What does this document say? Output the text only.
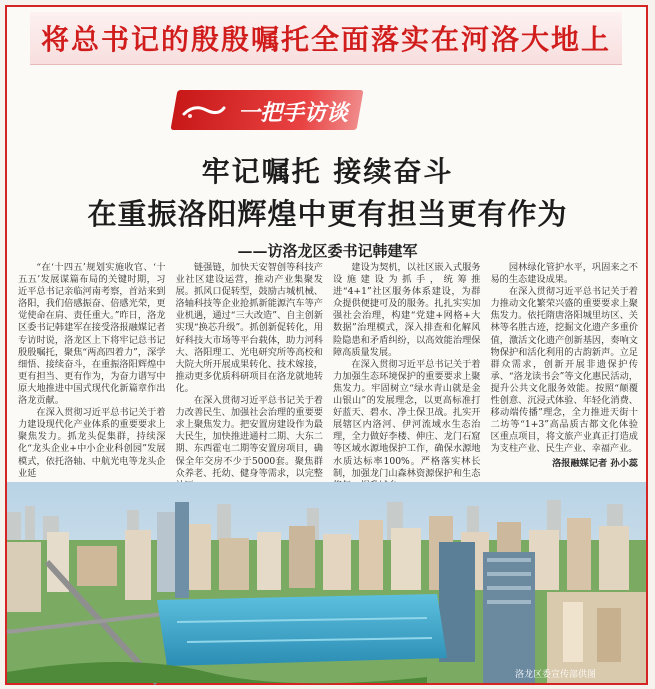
将总书记的殷殷嘱托全面落实在河洛大地上
一把手访谈
牢记嘱托 接续奋斗
在重振洛阳辉煌中更有担当更有作为
——访洛龙区委书记韩建军

“在‘十四五’规划实施收官、‘十五五’发展谋篇布局的关键时期，习近平总书记亲临河南考察，首站来到洛阳，我们倍感振奋、倍感光荣，更觉使命在肩、责任重大。”昨日，洛龙区委书记韩建军在接受洛报融媒记者专访时说，洛龙区上下将牢记总书记殷殷嘱托，聚焦“两高四着力”，深学细悟、接续奋斗，在重振洛阳辉煌中更有担当、更有作为，为奋力谱写中原大地推进中国式现代化新篇章作出洛龙贡献。

在深入贯彻习近平总书记关于着力建设现代化产业体系的重要要求上聚焦发力。抓龙头促集群，持续深化“龙头企业+中小企业科创园”发展模式，依托洛轴、中航光电等龙头企业延

链强链，加快天安智创等科技产业社区建设运营，推动产业集聚发展。抓风口促转型，鼓励古城机械、洛轴科技等企业抢抓新能源汽车等产业机遇，通过“三大改造”、自主创新实现“换芯升级”。抓创新促转化，用好科技大市场等平台载体，助力河科大、洛阳理工、光电研究所等高校和大院大所开展成果转化、技术嫁接，推动更多优质科研项目在洛龙就地转化。

在深入贯彻习近平总书记关于着力改善民生、加强社会治理的重要要求上聚焦发力。把安置房建设作为最大民生，加快推进通村二期、大东二期、东西霍屯二期等安置房项目，确保全年交房不少于5000套。聚焦群众养老、托幼、健身等需求，以完整

建设为契机，以社区嵌入式服务设施建设为抓手，统筹推进“4+1”社区服务体系建设，为群众提供便捷可及的服务。扎扎实实加强社会治理，构建“党建+网格+大数据”治理模式，深入排查和化解风险隐患和矛盾纠纷，以高效能治理保障高质量发展。

在深入贯彻习近平总书记关于着力加强生态环境保护的重要要求上聚焦发力。牢固树立“绿水青山就是金山银山”的发展理念，以更高标准打好蓝天、碧水、净土保卫战。扎实开展辖区内洛河、伊河流域水生态治理，全力做好李楼、伸庄、龙门石窟等区域水源地保护工作，确保水源地水质达标率100%。严格落实林长制，加强龙门山森林资源保护和生态

园林绿化管护水平，巩固来之不易的生态建设成果。

在深入贯彻习近平总书记关于着力推动文化繁荣兴盛的重要要求上聚焦发力。依托隋唐洛阳城里坊区、关林等名胜古迹，挖掘文化遗产多重价值，激活文化遗产创新基因，奏响文物保护和活化利用的古韵新声。立足群众需求，创新开展非遗保护传承、“洛龙读书会”等文化惠民活动，提升公共文化服务效能。按照“颠覆性创意、沉浸式体验、年轻化消费、移动端传播”理念，全力推进天街十二坊等“1+3”高品质古都文化体验区重点项目，将文旅产业真正打造成为支柱产业、民生产业、幸福产业。

洛报融媒记者 孙小蕊
洛龙区委宣传部供图
